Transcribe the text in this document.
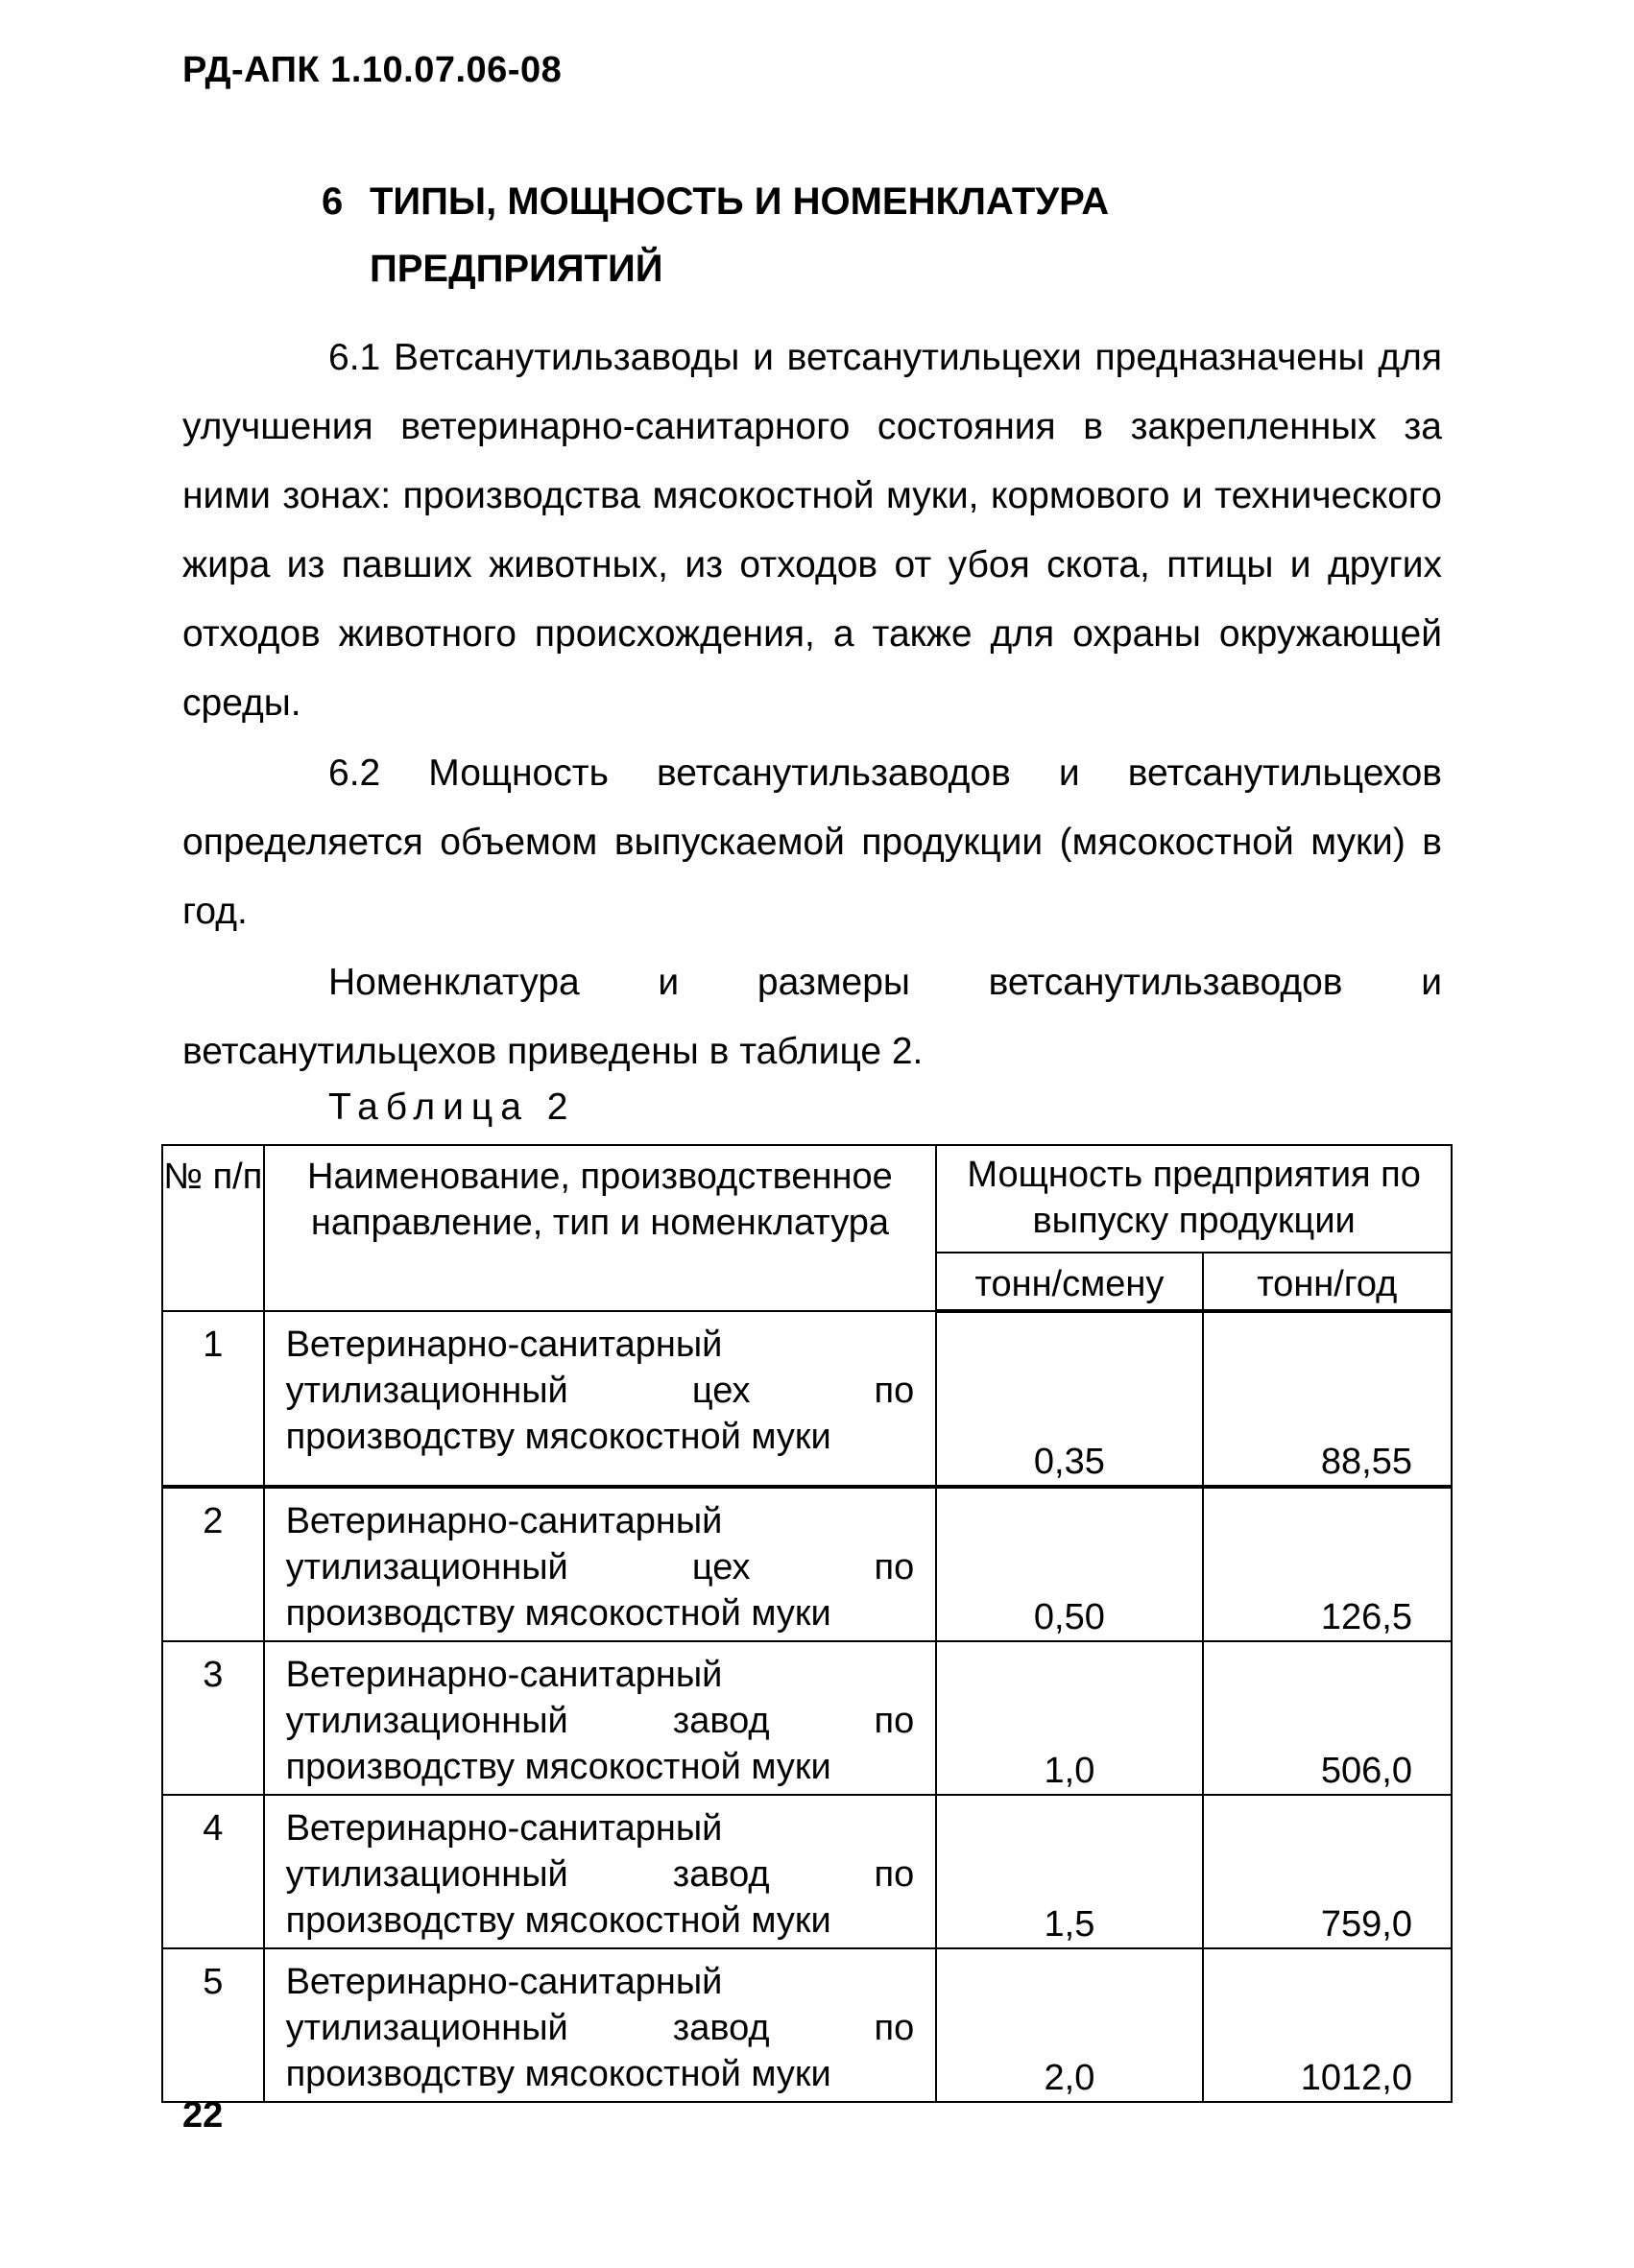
РД-АПК 1.10.07.06-08
6 ТИПЫ, МОЩНОСТЬ И НОМЕНКЛАТУРА
ПРЕДПРИЯТИЙ

6.1 Ветсанутильзаводы и ветсанутильцехи предназначены для улучшения ветеринарно-санитарного состояния в закрепленных за ними зонах: производства мясокостной муки, кормового и технического жира из павших животных, из отходов от убоя скота, птицы и других отходов животного происхождения, а также для охраны окружающей среды.

6.2 Мощность ветсанутильзаводов и ветсанутильцехов определяется объемом выпускаемой продукции (мясокостной муки) в год.

Номенклатура и размеры ветсанутильзаводов и ветсанутильцехов приведены в таблице 2.

Таблица 2
№ п/п	Наименование, производственное направление, тип и номенклатура	Мощность предприятия по выпуску продукции	
		тонн/смену	тонн/год
1	Ветеринарно-санитарный утилизационный цех по производству мясокостной муки	0,35	88,55
2	Ветеринарно-санитарный утилизационный цех по производству мясокостной муки	0,50	126,5
3	Ветеринарно-санитарный утилизационный завод по производству мясокостной муки	1,0	506,0
4	Ветеринарно-санитарный утилизационный завод по производству мясокостной муки	1,5	759,0
5	Ветеринарно-санитарный утилизационный завод по производству мясокостной муки	2,0	1012,0
22
